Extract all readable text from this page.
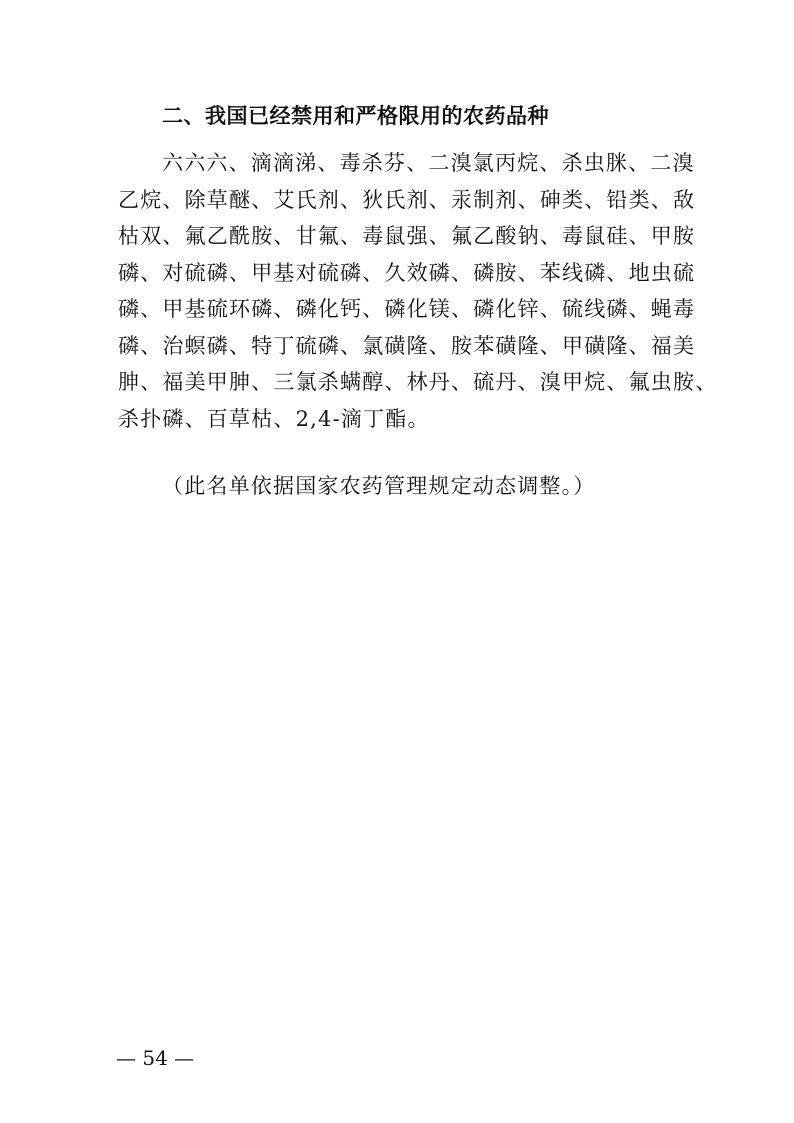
二、我国已经禁用和严格限用的农药品种
六六六、滴滴涕、毒杀芬、二溴氯丙烷、杀虫脒、二溴
乙烷、除草醚、艾氏剂、狄氏剂、汞制剂、砷类、铅类、敌
枯双、氟乙酰胺、甘氟、毒鼠强、氟乙酸钠、毒鼠硅、甲胺
磷、对硫磷、甲基对硫磷、久效磷、磷胺、苯线磷、地虫硫
磷、甲基硫环磷、磷化钙、磷化镁、磷化锌、硫线磷、蝇毒
磷、治螟磷、特丁硫磷、氯磺隆、胺苯磺隆、甲磺隆、福美
胂、福美甲胂、三氯杀螨醇、林丹、硫丹、溴甲烷、氟虫胺、
杀扑磷、百草枯、2,4-滴丁酯。
（此名单依据国家农药管理规定动态调整。）
— 54 —
